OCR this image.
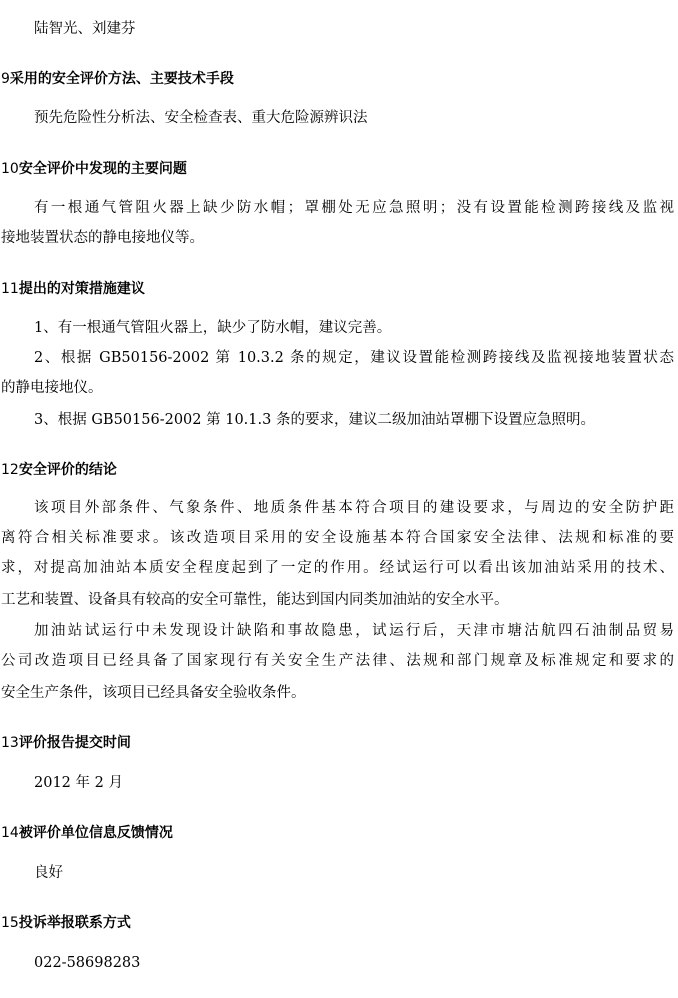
陆智光、刘建芬
9采用的安全评价方法、主要技术手段
预先危险性分析法、安全检查表、重大危险源辨识法
10安全评价中发现的主要问题
有一根通气管阻火器上缺少防水帽；罩棚处无应急照明；没有设置能检测跨接线及监视
接地装置状态的静电接地仪等。
11提出的对策措施建议
1、有一根通气管阻火器上，缺少了防水帽，建议完善。
2、根据 GB50156-2002 第 10.3.2 条的规定，建议设置能检测跨接线及监视接地装置状态
的静电接地仪。
3、根据 GB50156-2002 第 10.1.3 条的要求，建议二级加油站罩棚下设置应急照明。
12安全评价的结论
该项目外部条件、气象条件、地质条件基本符合项目的建设要求，与周边的安全防护距
离符合相关标准要求。该改造项目采用的安全设施基本符合国家安全法律、法规和标准的要
求，对提高加油站本质安全程度起到了一定的作用。经试运行可以看出该加油站采用的技术、
工艺和装置、设备具有较高的安全可靠性，能达到国内同类加油站的安全水平。
加油站试运行中未发现设计缺陷和事故隐患，试运行后，天津市塘沽航四石油制品贸易
公司改造项目已经具备了国家现行有关安全生产法律、法规和部门规章及标准规定和要求的
安全生产条件，该项目已经具备安全验收条件。
13评价报告提交时间
2012 年 2 月
14被评价单位信息反馈情况
良好
15投诉举报联系方式
022-58698283
